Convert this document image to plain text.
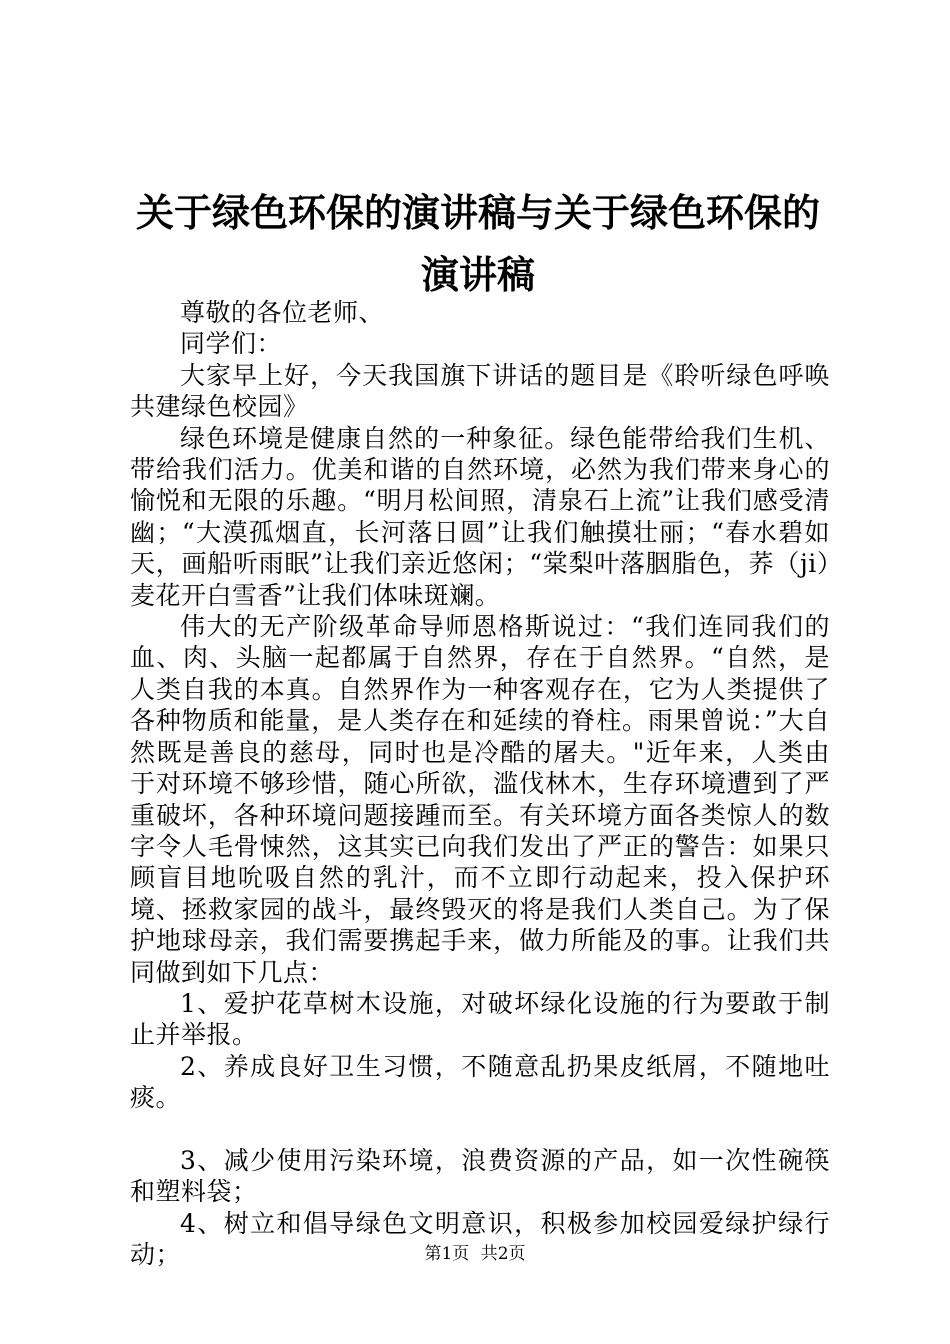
关于绿色环保的演讲稿与关于绿色环保的演讲稿

尊敬的各位老师、

同学们：

大家早上好，今天我国旗下讲话的题目是《聆听绿色呼唤共建绿色校园》

绿色环境是健康自然的一种象征。绿色能带给我们生机、带给我们活力。优美和谐的自然环境，必然为我们带来身心的愉悦和无限的乐趣。“明月松间照，清泉石上流”让我们感受清幽；“大漠孤烟直，长河落日圆”让我们触摸壮丽；“春水碧如天，画船听雨眠”让我们亲近悠闲；“棠梨叶落胭脂色，荞（ji）麦花开白雪香”让我们体味斑斓。

伟大的无产阶级革命导师恩格斯说过：“我们连同我们的血、肉、头脑一起都属于自然界，存在于自然界。“自然，是人类自我的本真。自然界作为一种客观存在，它为人类提供了各种物质和能量，是人类存在和延续的脊柱。雨果曾说：”大自然既是善良的慈母，同时也是冷酷的屠夫。"近年来，人类由于对环境不够珍惜，随心所欲，滥伐林木，生存环境遭到了严重破坏，各种环境问题接踵而至。有关环境方面各类惊人的数字令人毛骨悚然，这其实已向我们发出了严正的警告：如果只顾盲目地吮吸自然的乳汁，而不立即行动起来，投入保护环境、拯救家园的战斗，最终毁灭的将是我们人类自己。为了保护地球母亲，我们需要携起手来，做力所能及的事。让我们共同做到如下几点：

1、爱护花草树木设施，对破坏绿化设施的行为要敢于制止并举报。

2、养成良好卫生习惯，不随意乱扔果皮纸屑，不随地吐痰。

3、减少使用污染环境，浪费资源的产品，如一次性碗筷和塑料袋；

4、树立和倡导绿色文明意识，积极参加校园爱绿护绿行动；	第1页 共2页
